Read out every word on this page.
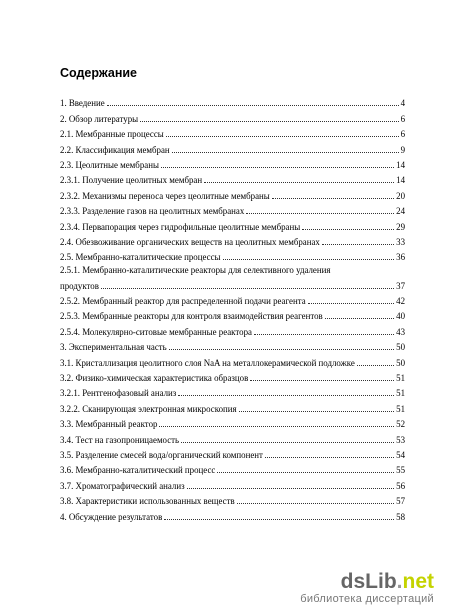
Содержание
1. Введение	4
2. Обзор литературы	6
2.1. Мембранные процессы	6
2.2. Классификация мембран	9
2.3. Цеолитные мембраны	14
2.3.1. Получение цеолитных мембран	14
2.3.2. Механизмы переноса через цеолитные мембраны	20
2.3.3. Разделение газов на цеолитных мембранах	24
2.3.4. Первапорация через гидрофильные цеолитные мембраны	29
2.4. Обезвоживание органических веществ на цеолитных мембранах	33
2.5. Мембранно-каталитические процессы	36
2.5.1. Мембранно-каталитические реакторы для селективного удаления
продуктов	37
2.5.2. Мембранный реактор для распределенной подачи реагента	42
2.5.3. Мембранные реакторы для контроля взаимодействия реагентов	40
2.5.4. Молекулярно-ситовые мембранные реактора	43
3. Экспериментальная часть	50
3.1. Кристаллизация цеолитного слоя NaA на металлокерамической подложке	50
3.2. Физико-химическая характеристика образцов	51
3.2.1. Рентгенофазовый анализ	51
3.2.2. Сканирующая электронная микроскопия	51
3.3. Мембранный реактор	52
3.4. Тест на газопроницаемость	53
3.5. Разделение смесей вода/органический компонент	54
3.6. Мембранно-каталитический процесс	55
3.7. Хроматографический анализ	56
3.8. Характеристики использованных веществ	57
4. Обсуждение результатов	58
dsLib.net
библиотека диссертаций
